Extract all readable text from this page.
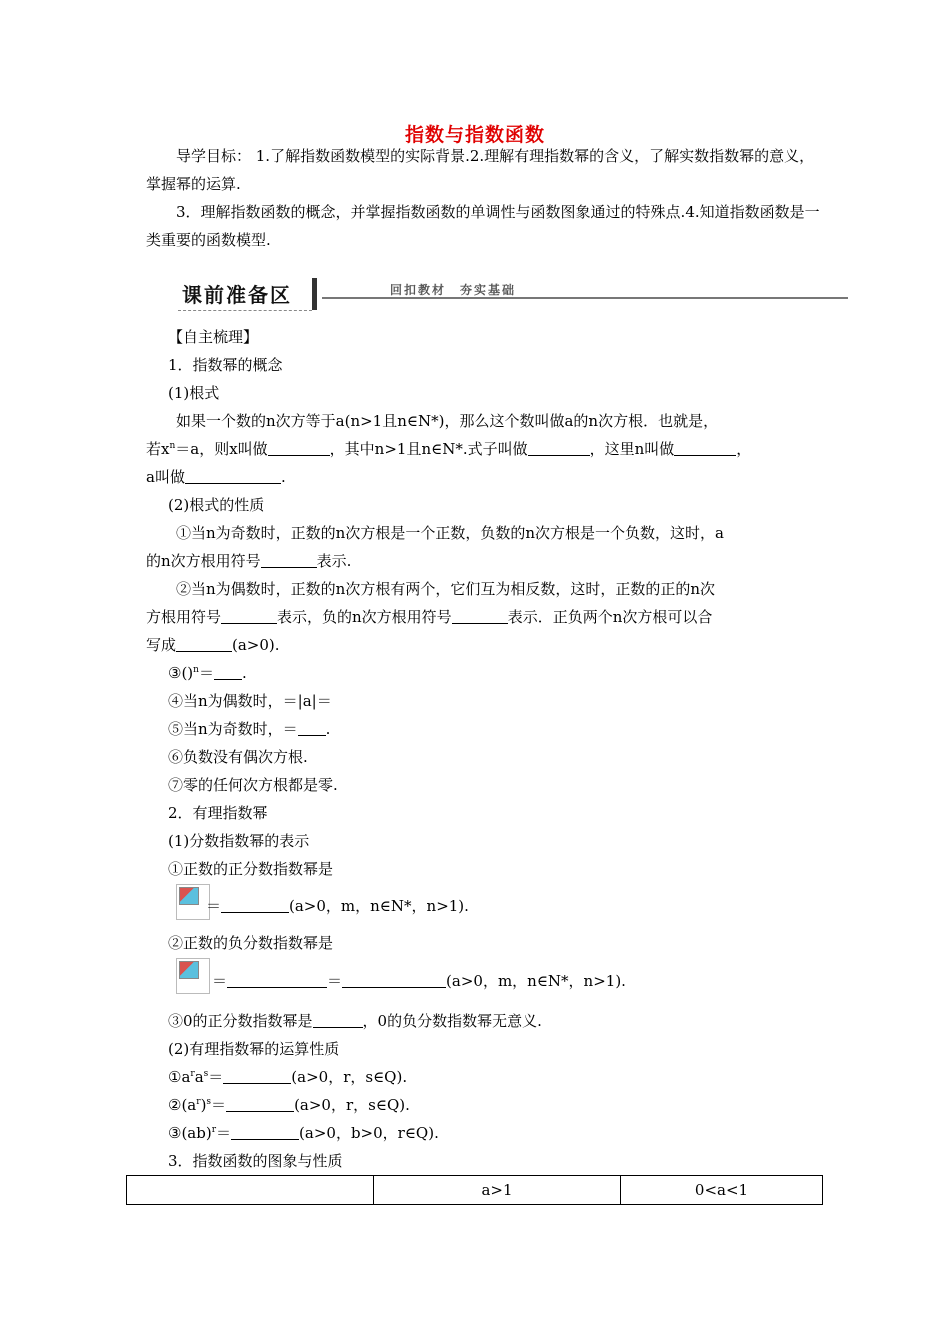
指数与指数函数
导学目标： 1.了解指数函数模型的实际背景.2.理解有理指数幂的含义，了解实数指数幂的意义，掌握幂的运算.
3．理解指数函数的概念，并掌握指数函数的单调性与函数图象通过的特殊点.4.知道指数函数是一类重要的函数模型.
课前准备区	回扣教材　夯实基础
【自主梳理】
1．指数幂的概念
(1)根式
如果一个数的n次方等于a(n>1且n∈N*)，那么这个数叫做a的n次方根．也就是，
若$x^n=a$，则x叫做	，其中n>1且n∈N*.式子叫做	，这里n叫做	，
a叫做	.
(2)根式的性质
①当n为奇数时，正数的n次方根是一个正数，负数的n次方根是一个负数，这时，a
的n次方根用符号	表示.
②当n为偶数时，正数的n次方根有两个，它们互为相反数，这时，正数的正的n次
方根用符号	表示，负的n次方根用符号	表示．正负两个n次方根可以合
写成	(a>0).
③()$^n$＝ .
④当n为偶数时，＝|a|＝
⑤当n为奇数时，＝ .
⑥负数没有偶次方根.
⑦零的任何次方根都是零.
2．有理指数幂
(1)分数指数幂的表示
①正数的正分数指数幂是
＝	(a>0，m，n∈N*，n>1).
②正数的负分数指数幂是
＝	＝	(a>0，m，n∈N*，n>1).
③0的正分数指数幂是	，0的负分数指数幂无意义.
(2)有理指数幂的运算性质
$①a^ra^s=$	(a>0，r，s∈Q).
$②(a^r)^s=$	(a>0，r，s∈Q).
③(ab)$^r$＝	(a>0，b>0，r∈Q).
3．指数函数的图象与性质
	a>1	0<a<1
